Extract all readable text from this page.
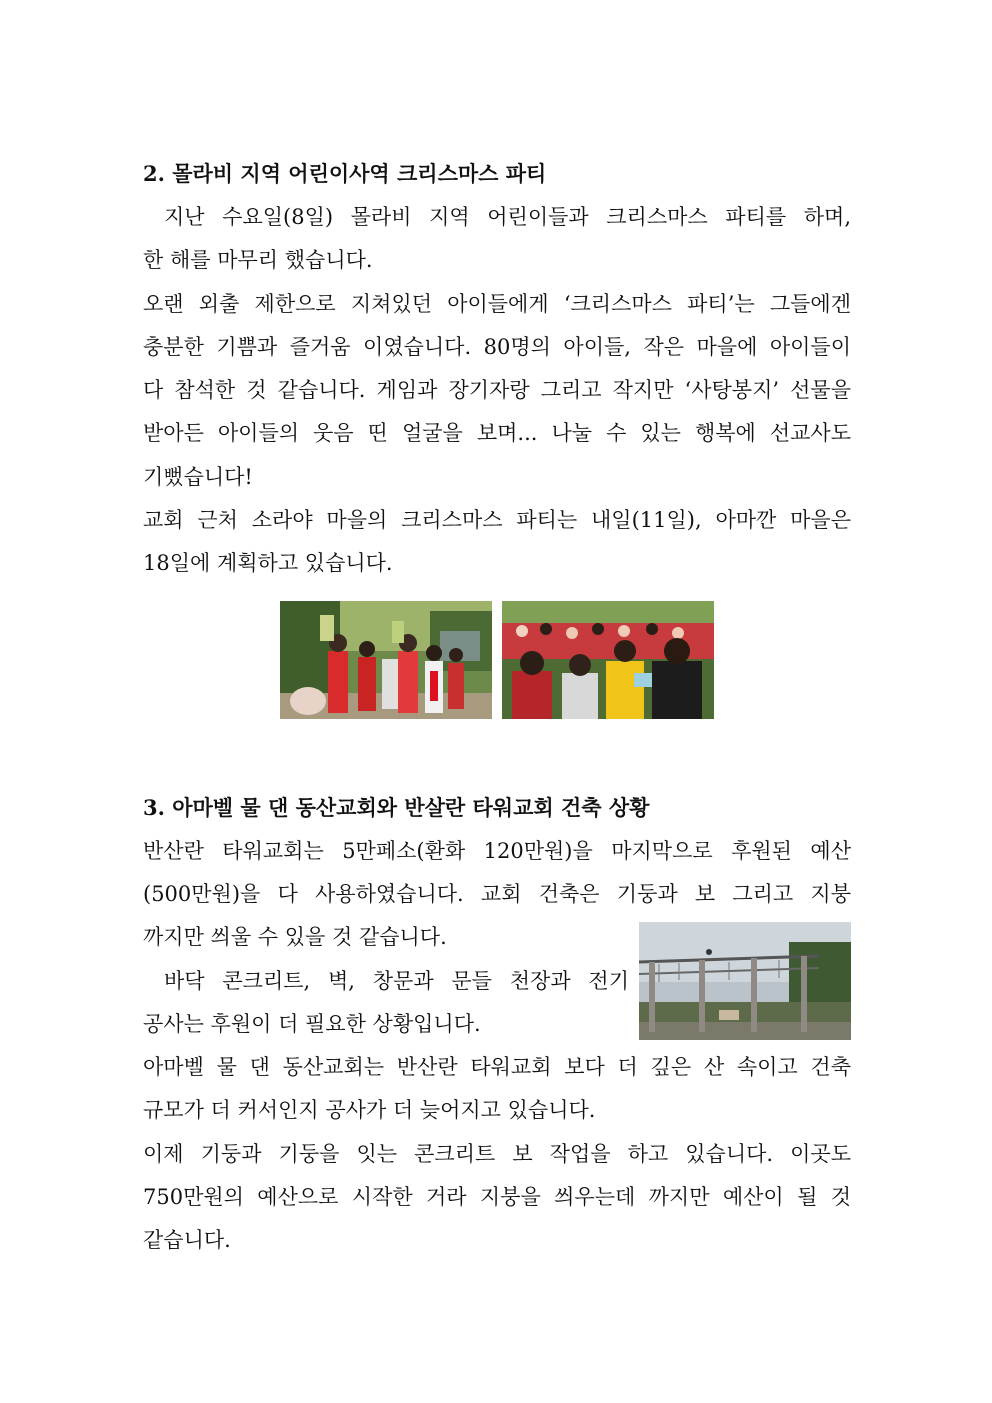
2. 몰라비 지역 어린이사역 크리스마스 파티

지난 수요일(8일) 몰라비 지역 어린이들과 크리스마스 파티를 하며,

한 해를 마무리 했습니다.

오랜 외출 제한으로 지쳐있던 아이들에게 ‘크리스마스 파티’는 그들에겐

충분한 기쁨과 즐거움 이였습니다. 80명의 아이들, 작은 마을에 아이들이

다 참석한 것 같습니다. 게임과 장기자랑 그리고 작지만 ‘사탕봉지’ 선물을

받아든 아이들의 웃음 띤 얼굴을 보며... 나눌 수 있는 행복에 선교사도

기뻤습니다!

교회 근처 소라야 마을의 크리스마스 파티는 내일(11일), 아마깐 마을은

18일에 계획하고 있습니다.

3. 아마벨 물 댄 동산교회와 반살란 타워교회 건축 상황

반산란 타워교회는 5만페소(환화 120만원)을 마지막으로 후원된 예산

(500만원)을 다 사용하였습니다. 교회 건축은 기둥과 보 그리고 지붕

까지만 씌울 수 있을 것 같습니다.

바닥 콘크리트, 벽, 창문과 문들 천장과 전기

공사는 후원이 더 필요한 상황입니다.

아마벨 물 댄 동산교회는 반산란 타워교회 보다 더 깊은 산 속이고 건축

규모가 더 커서인지 공사가 더 늦어지고 있습니다.

이제 기둥과 기둥을 잇는 콘크리트 보 작업을 하고 있습니다. 이곳도

750만원의 예산으로 시작한 거라 지붕을 씌우는데 까지만 예산이 될 것

같습니다.
